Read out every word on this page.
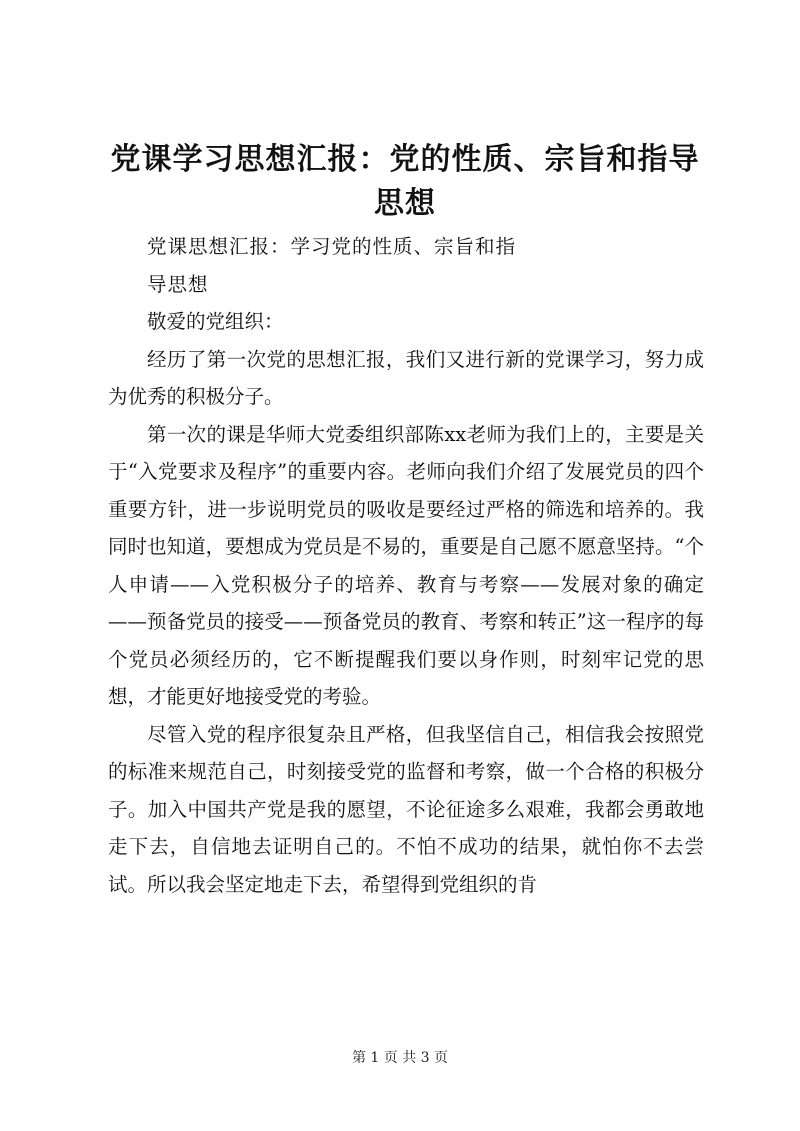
党课学习思想汇报：党的性质、宗旨和指导思想

党课思想汇报：学习党的性质、宗旨和指

导思想

敬爱的党组织：

经历了第一次党的思想汇报，我们又进行新的党课学习，努力成为优秀的积极分子。

第一次的课是华师大党委组织部陈xx老师为我们上的，主要是关于“入党要求及程序”的重要内容。老师向我们介绍了发展党员的四个重要方针，进一步说明党员的吸收是要经过严格的筛选和培养的。我同时也知道，要想成为党员是不易的，重要是自己愿不愿意坚持。“个人申请——入党积极分子的培养、教育与考察——发展对象的确定——预备党员的接受——预备党员的教育、考察和转正”这一程序的每个党员必须经历的，它不断提醒我们要以身作则，时刻牢记党的思想，才能更好地接受党的考验。

尽管入党的程序很复杂且严格，但我坚信自己，相信我会按照党的标准来规范自己，时刻接受党的监督和考察，做一个合格的积极分子。加入中国共产党是我的愿望，不论征途多么艰难，我都会勇敢地走下去，自信地去证明自己的。不怕不成功的结果，就怕你不去尝试。所以我会坚定地走下去，希望得到党组织的肯

第 1 页 共 3 页
